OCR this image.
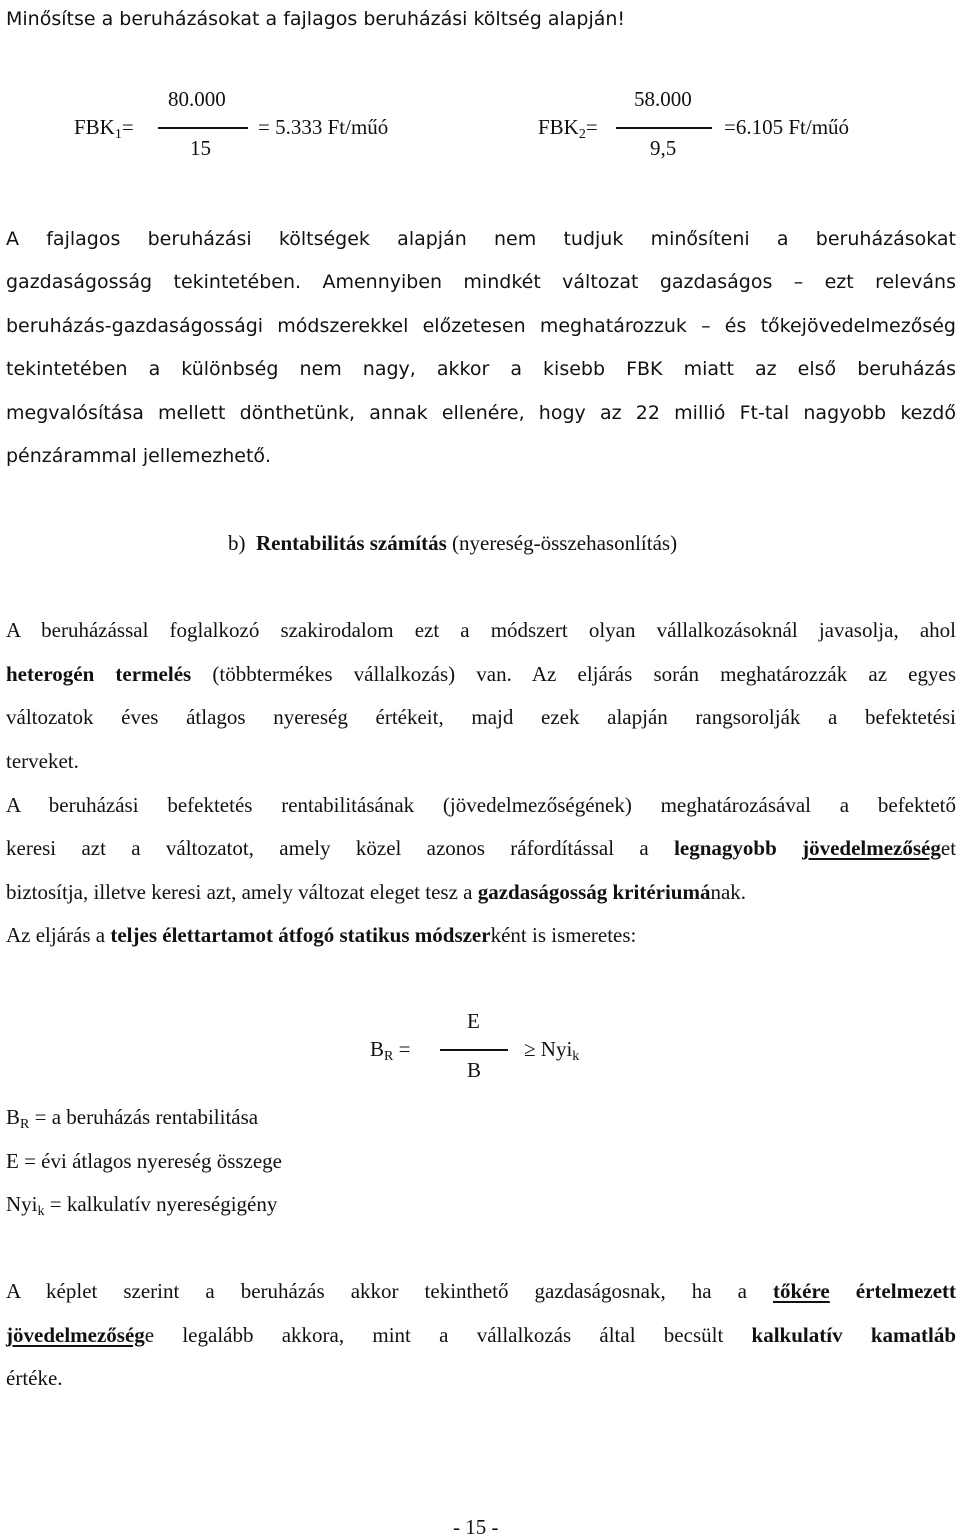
Minősítse a beruházásokat a fajlagos beruházási költség alapján!
80.000
$FBK_1=$	= 5.333 Ft/műó
15
58.000
$FBK_2=$	=6.105 Ft/műó
9,5
A fajlagos beruházási költségek alapján nem tudjuk minősíteni a beruházásokat
gazdaságosság tekintetében. Amennyiben mindkét változat gazdaságos – ezt releváns
beruházás-gazdaságossági módszerekkel előzetesen meghatározzuk – és tőkejövedelmezőség
tekintetében a különbség nem nagy, akkor a kisebb FBK miatt az első beruházás
megvalósítása mellett dönthetünk, annak ellenére, hogy az 22 millió Ft-tal nagyobb kezdő
pénzárammal jellemezhető.
b) Rentabilitás számítás (nyereség-összehasonlítás)
A beruházással foglalkozó szakirodalom ezt a módszert olyan vállalkozásoknál javasolja, ahol
heterogén termelés (többtermékes vállalkozás) van. Az eljárás során meghatározzák az egyes
változatok éves átlagos nyereség értékeit, majd ezek alapján rangsorolják a befektetési
terveket.
A beruházási befektetés rentabilitásának (jövedelmezőségének) meghatározásával a befektető
keresi azt a változatot, amely közel azonos ráfordítással a legnagyobb jövedelmezőséget
biztosítja, illetve keresi azt, amely változat eleget tesz a gazdaságosság kritériumának.
Az eljárás a teljes élettartamot átfogó statikus módszerként is ismeretes:
E
$B_R$ =	≥ Nyi$_k$
B
$B_R = a$ beruházás rentabilitása
E = évi átlagos nyereség összege
Nyi$_k$ = kalkulatív nyereségigény
A képlet szerint a beruházás akkor tekinthető gazdaságosnak, ha a tőkére értelmezett
jövedelmezősége legalább akkora, mint a vállalkozás által becsült kalkulatív kamatláb
értéke.
- 15 -
